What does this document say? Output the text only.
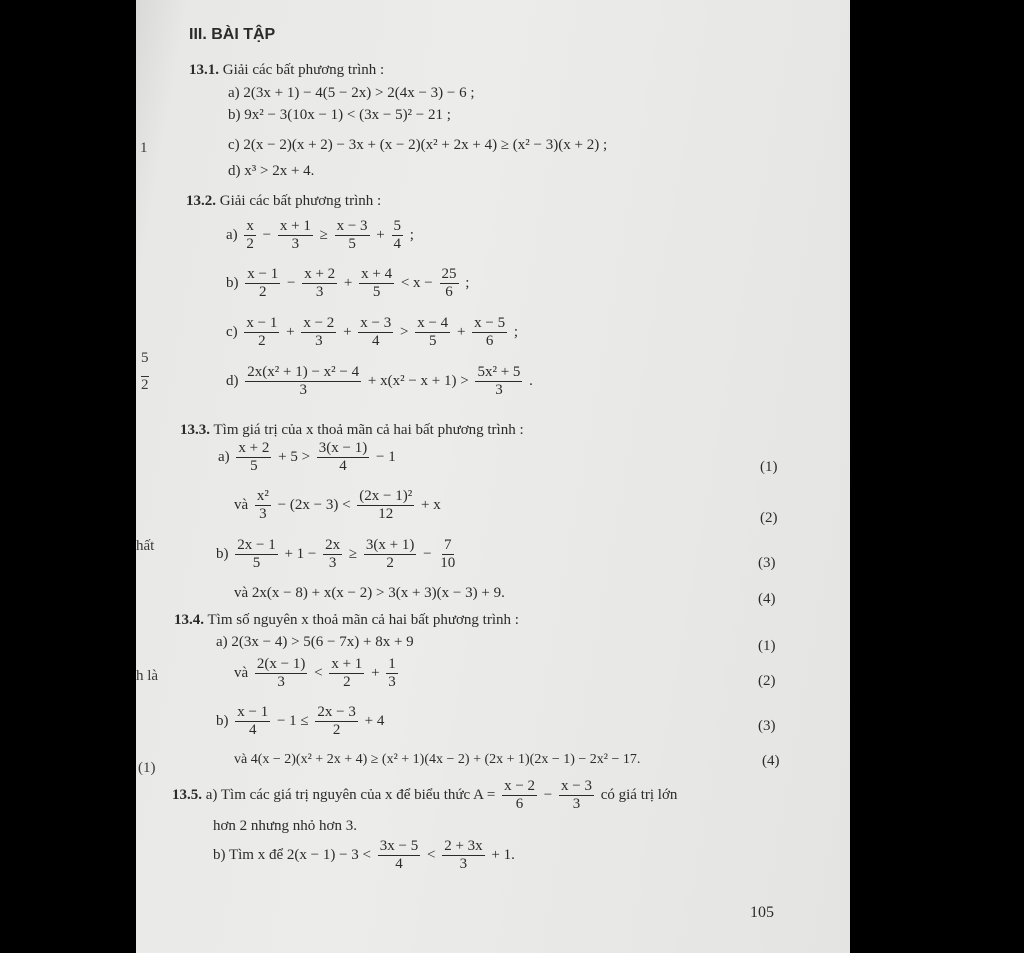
1
5
2
hất
h là
(1)
III. BÀI TẬP
13.1. Giải các bất phương trình :
a) 2(3x + 1) − 4(5 − 2x) > 2(4x − 3) − 6 ;
b) 9x² − 3(10x − 1) < (3x − 5)² − 21 ;
c) 2(x − 2)(x + 2) − 3x + (x − 2)(x² + 2x + 4) ≥ (x² − 3)(x + 2) ;
d) x³ > 2x + 4.
13.2. Giải các bất phương trình :
$a) \frac{x}{2} - \frac{x + 1}{3} \ge \frac{x - 3}{5} + \frac{5}{4}$ ;
$b) \frac{x - 1}{2} - \frac{x + 2}{3} + \frac{x + 4}{5} < x - \frac{25}{6}$ ;
$c) \frac{x - 1}{2} + \frac{x - 2}{3} + \frac{x - 3}{4} > \frac{x - 4}{5} + \frac{x - 5}{6}$ ;
$d) \frac{\text{2x(x² + 1) − x² − 4}}{3} + x(x^2 - x + 1) > \frac{\text{5x² + 5}}{3}$ .
13.3. Tìm giá trị của x thoả mãn cả hai bất phương trình :
$a) \frac{x + 2}{5} + 5 > \frac{3(x - 1)}{4} - 1$
(1)
và $\frac{\text{x²}}{3} - (2x - 3) < \frac{\text{(2x − 1)²}}{12} + x$
(2)
$b) \frac{2x - 1}{5} + 1 - \frac{2x}{3} \ge \frac{3(x + 1)}{2} - \frac{7}{10}$	(3)
và 2x(x − 8) + x(x − 2) > 3(x + 3)(x − 3) + 9.	(4)
13.4. Tìm số nguyên x thoả mãn cả hai bất phương trình :
a) 2(3x − 4) > 5(6 − 7x) + 8x + 9	(1)
và $\frac{2(x - 1)}{3} < \frac{x + 1}{2} + \frac{1}{3}$	(2)
$b) \frac{x - 1}{4} - 1 \le \frac{2x - 3}{2} + 4$	(3)
và 4(x − 2)(x² + 2x + 4) ≥ (x² + 1)(4x − 2) + (2x + 1)(2x − 1) − 2x² − 17.	(4)
13.5. a) Tìm các giá trị nguyên của x để biểu thức $A = \frac{x - 2}{6} - \frac{x - 3}{3}$ có giá trị lớn
hơn 2 nhưng nhỏ hơn 3.
b) Tìm x để $2(x - 1) - 3 < \frac{3x - 5}{4} < \frac{2 + 3x}{3} + 1$.
105
